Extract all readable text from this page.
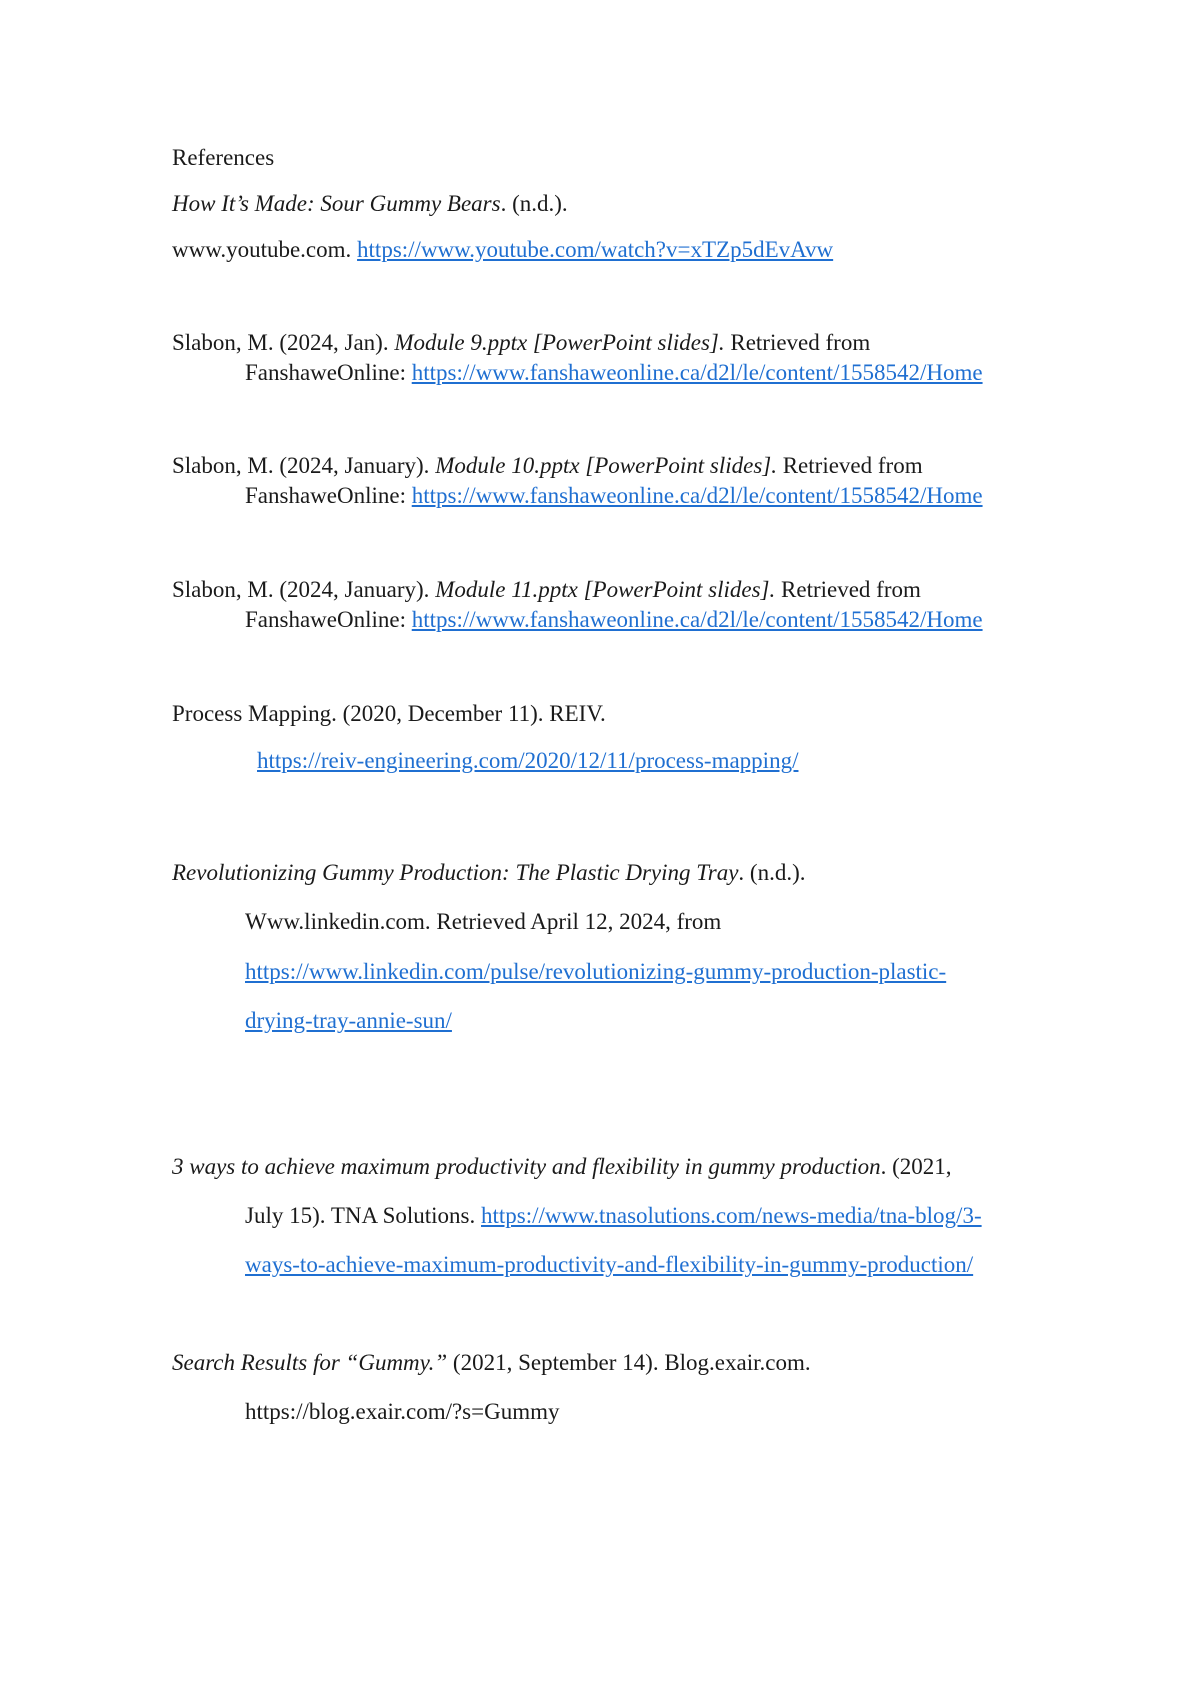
References
How It’s Made: Sour Gummy Bears. (n.d.).
www.youtube.com. https://www.youtube.com/watch?v=xTZp5dEvAvw
Slabon, M. (2024, Jan). Module 9.pptx [PowerPoint slides]. Retrieved from
FanshaweOnline: https://www.fanshaweonline.ca/d2l/le/content/1558542/Home
Slabon, M. (2024, January). Module 10.pptx [PowerPoint slides]. Retrieved from
FanshaweOnline: https://www.fanshaweonline.ca/d2l/le/content/1558542/Home
Slabon, M. (2024, January). Module 11.pptx [PowerPoint slides]. Retrieved from
FanshaweOnline: https://www.fanshaweonline.ca/d2l/le/content/1558542/Home
Process Mapping. (2020, December 11). REIV.
https://reiv-engineering.com/2020/12/11/process-mapping/
Revolutionizing Gummy Production: The Plastic Drying Tray. (n.d.).
Www.linkedin.com. Retrieved April 12, 2024, from
https://www.linkedin.com/pulse/revolutionizing-gummy-production-plastic-
drying-tray-annie-sun/
3 ways to achieve maximum productivity and flexibility in gummy production. (2021,
July 15). TNA Solutions. https://www.tnasolutions.com/news-media/tna-blog/3-
ways-to-achieve-maximum-productivity-and-flexibility-in-gummy-production/
Search Results for “Gummy.” (2021, September 14). Blog.exair.com.
https://blog.exair.com/?s=Gummy
